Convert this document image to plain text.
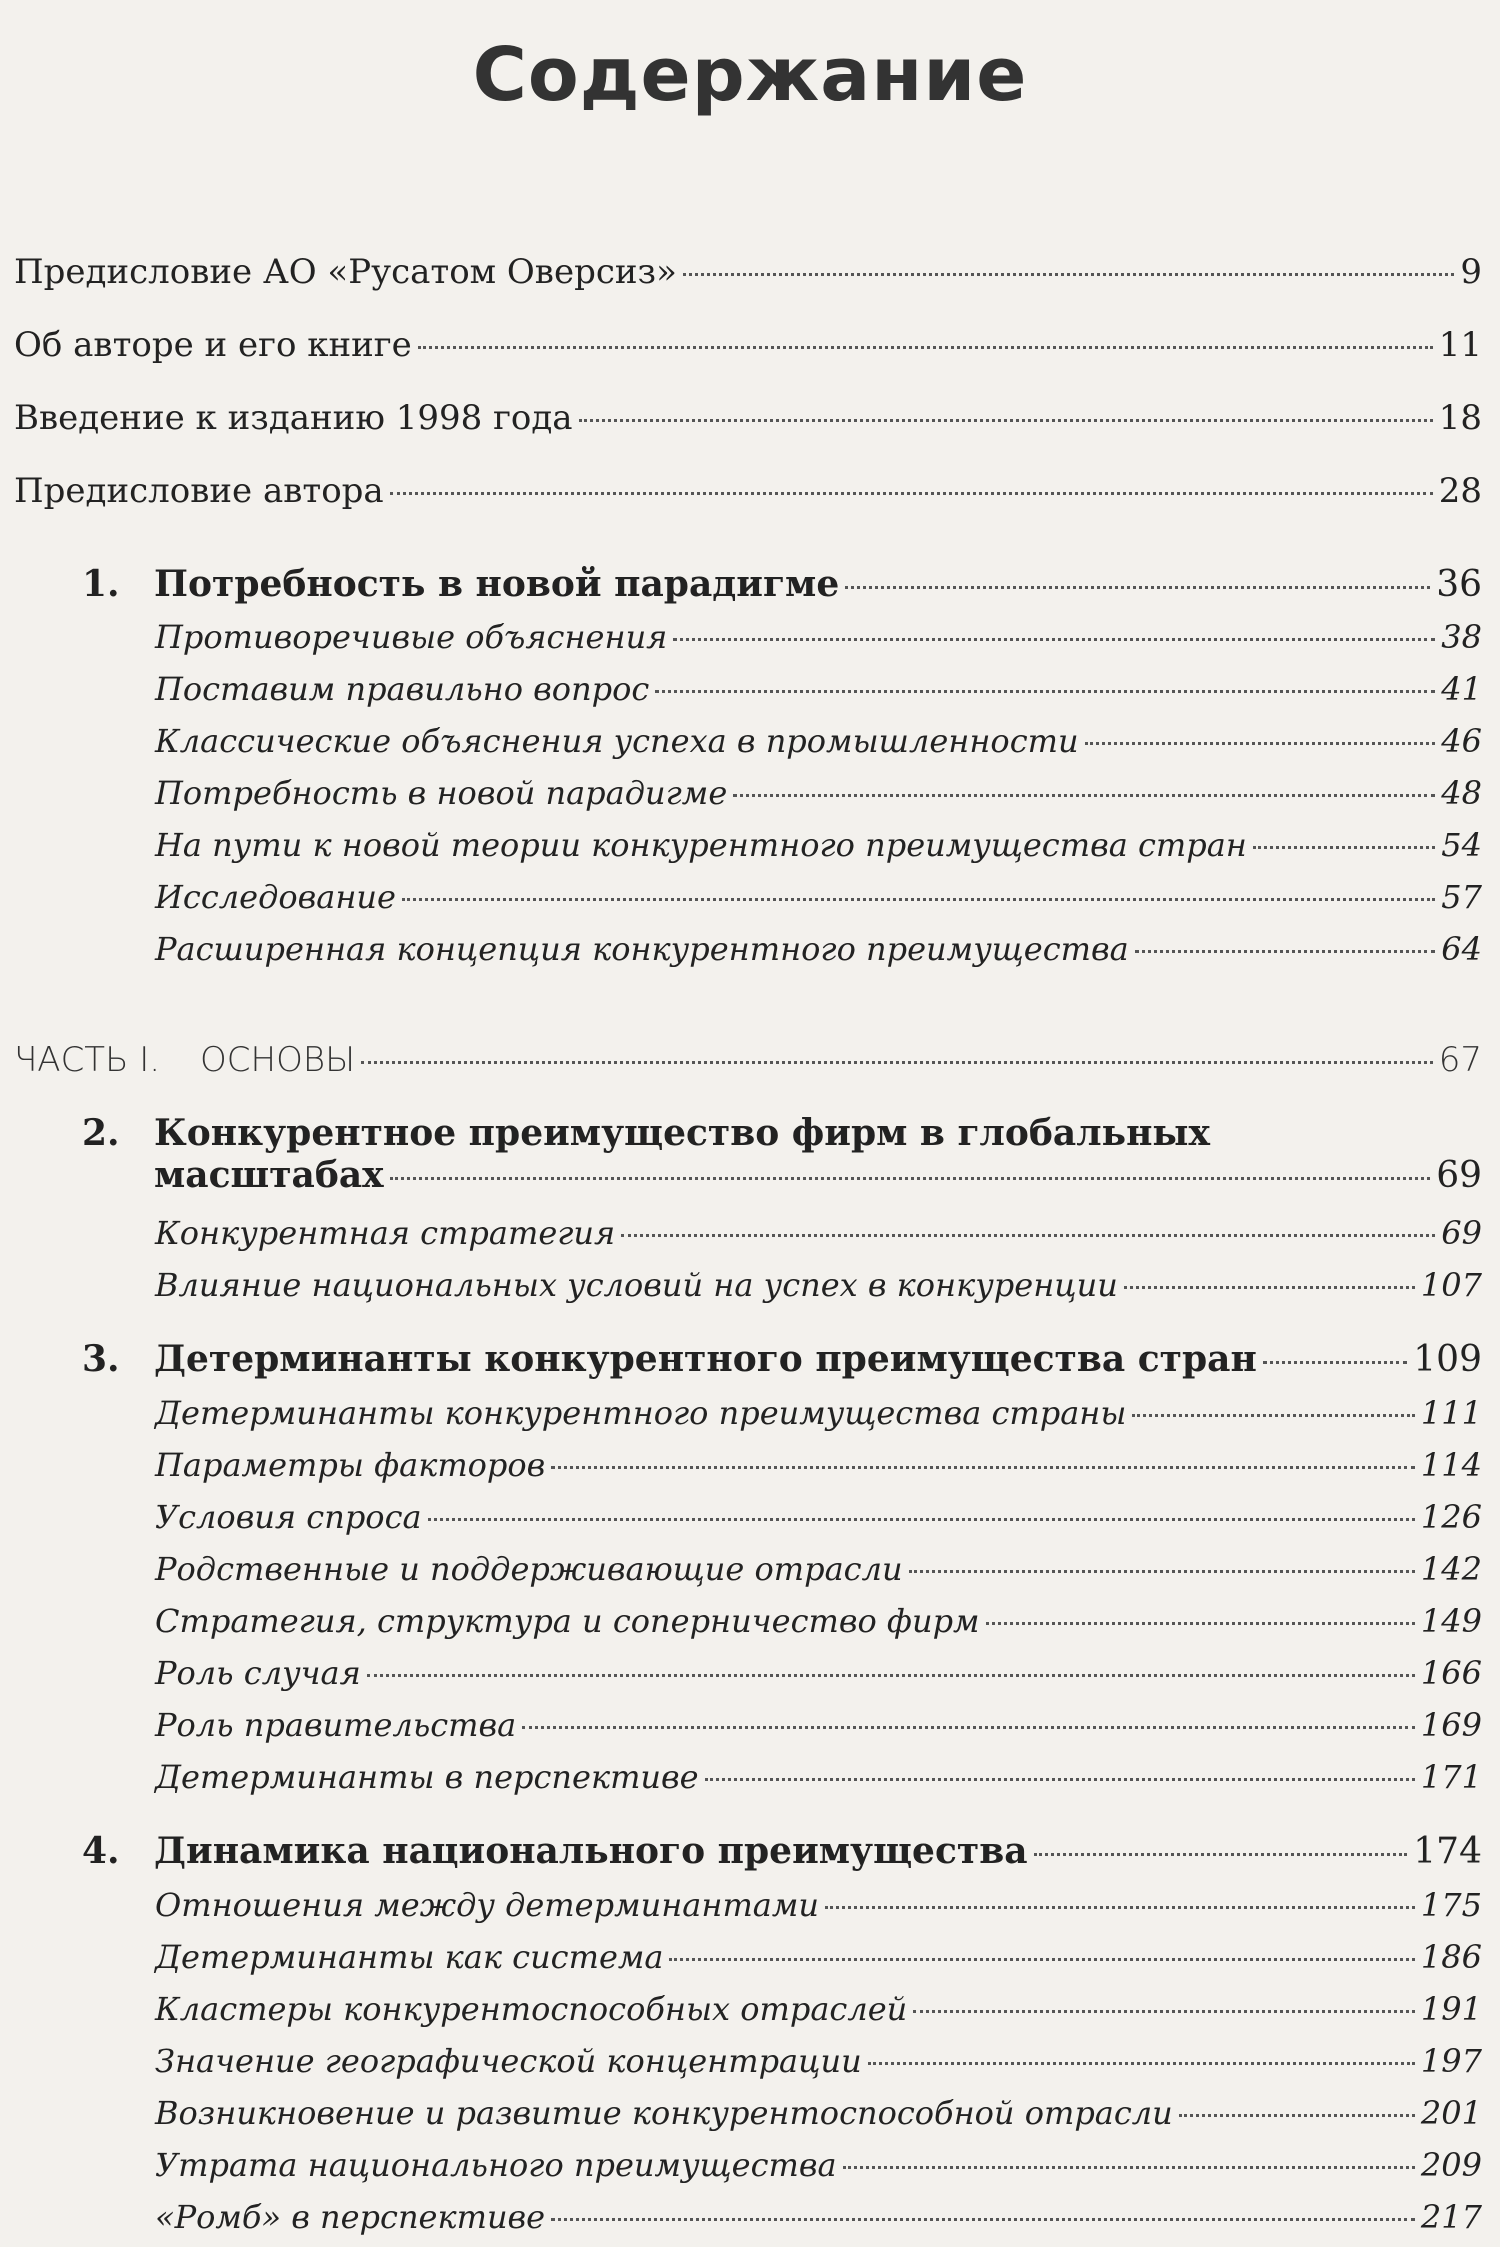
Содержание
Предисловие АО «Русатом Оверсиз»	9
Об авторе и его книге	11
Введение к изданию 1998 года	18
Предисловие автора	28
1. Потребность в новой парадигме	36
Противоречивые объяснения	38
Поставим правильно вопрос	41
Классические объяснения успеха в промышленности	46
Потребность в новой парадигме	48
На пути к новой теории конкурентного преимущества стран	54
Исследование	57
Расширенная концепция конкурентного преимущества	64
ЧАСТЬ I. ОСНОВЫ	67
2. Конкурентное преимущество фирм в глобальных
масштабах	69
Конкурентная стратегия	69
Влияние национальных условий на успех в конкуренции	107
3. Детерминанты конкурентного преимущества стран	109
Детерминанты конкурентного преимущества страны	111
Параметры факторов	114
Условия спроса	126
Родственные и поддерживающие отрасли	142
Стратегия, структура и соперничество фирм	149
Роль случая	166
Роль правительства	169
Детерминанты в перспективе	171
4. Динамика национального преимущества	174
Отношения между детерминантами	175
Детерминанты как система	186
Кластеры конкурентоспособных отраслей	191
Значение географической концентрации	197
Возникновение и развитие конкурентоспособной отрасли	201
Утрата национального преимущества	209
«Ромб» в перспективе	217
